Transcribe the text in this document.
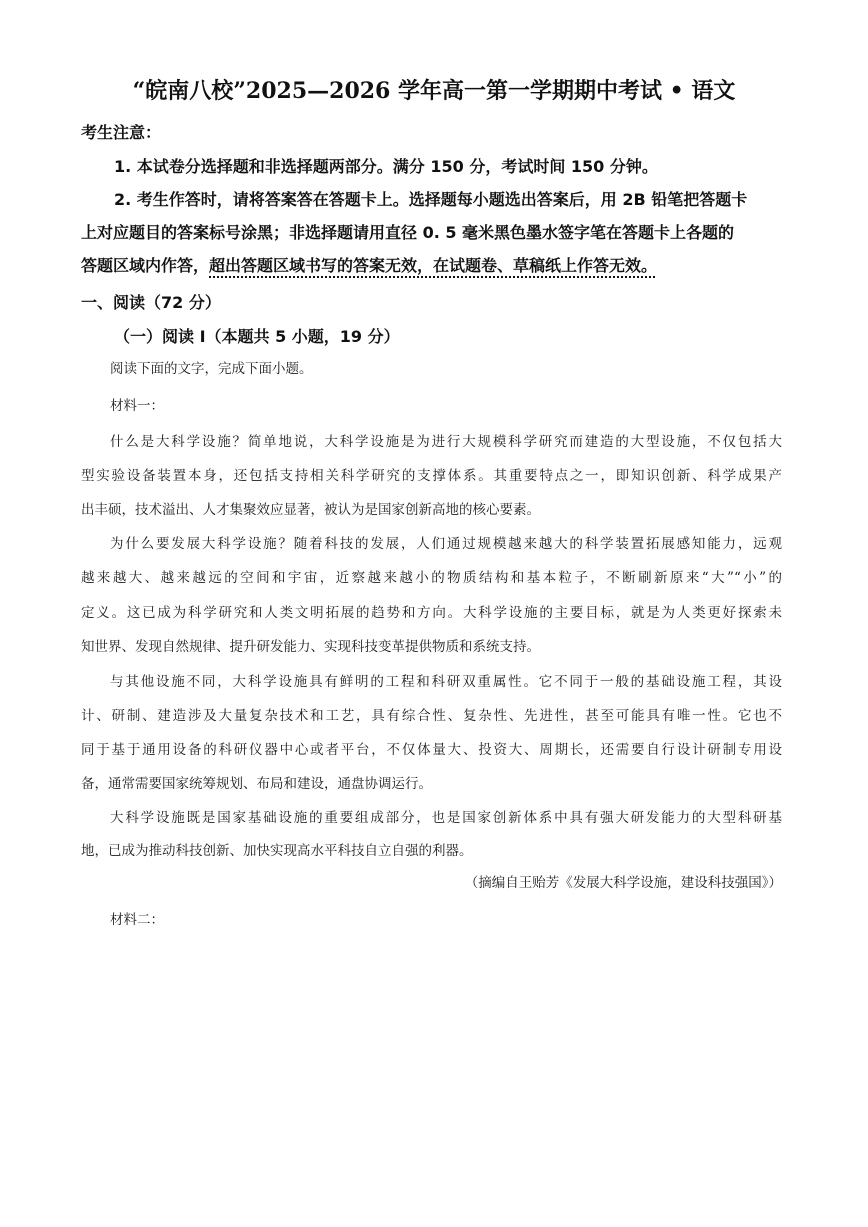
“皖南八校”2025—2026 学年高一第一学期期中考试 • 语文
考生注意：
1. 本试卷分选择题和非选择题两部分。满分 150 分，考试时间 150 分钟。
2. 考生作答时，请将答案答在答题卡上。选择题每小题选出答案后，用 2B 铅笔把答题卡
上对应题目的答案标号涂黑；非选择题请用直径 0. 5 毫米黑色墨水签字笔在答题卡上各题的
答题区域内作答，超出答题区域书写的答案无效，在试题卷、草稿纸上作答无效。
一、阅读（72 分）
（一）阅读 I（本题共 5 小题，19 分）
阅读下面的文字，完成下面小题。
材料一：
什么是大科学设施？简单地说，大科学设施是为进行大规模科学研究而建造的大型设施，不仅包括大
型实验设备装置本身，还包括支持相关科学研究的支撑体系。其重要特点之一，即知识创新、科学成果产
出丰硕，技术溢出、人才集聚效应显著，被认为是国家创新高地的核心要素。
为什么要发展大科学设施？随着科技的发展，人们通过规模越来越大的科学装置拓展感知能力，远观
越来越大、越来越远的空间和宇宙，近察越来越小的物质结构和基本粒子，不断刷新原来“大”“小”的
定义。这已成为科学研究和人类文明拓展的趋势和方向。大科学设施的主要目标，就是为人类更好探索未
知世界、发现自然规律、提升研发能力、实现科技变革提供物质和系统支持。
与其他设施不同，大科学设施具有鲜明的工程和科研双重属性。它不同于一般的基础设施工程，其设
计、研制、建造涉及大量复杂技术和工艺，具有综合性、复杂性、先进性，甚至可能具有唯一性。它也不
同于基于通用设备的科研仪器中心或者平台，不仅体量大、投资大、周期长，还需要自行设计研制专用设
备，通常需要国家统筹规划、布局和建设，通盘协调运行。
大科学设施既是国家基础设施的重要组成部分，也是国家创新体系中具有强大研发能力的大型科研基
地，已成为推动科技创新、加快实现高水平科技自立自强的利器。
（摘编自王贻芳《发展大科学设施，建设科技强国》）
材料二：
